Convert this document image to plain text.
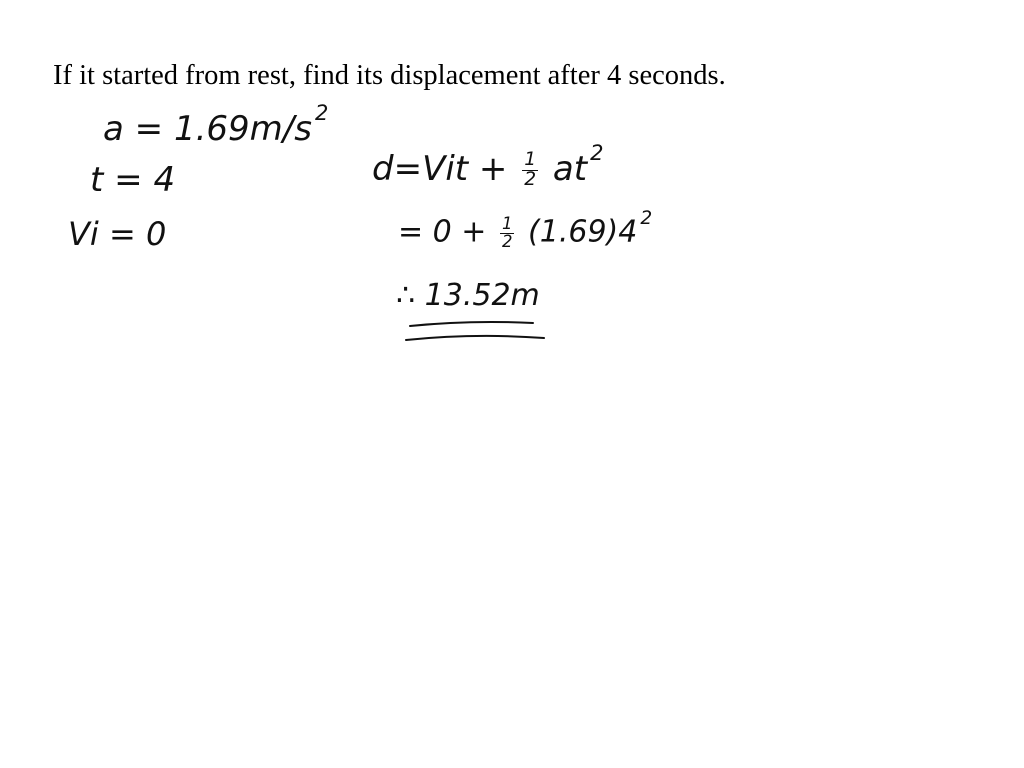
If it started from rest, find its displacement after 4 seconds.
a = 1.69m/s $^2$
t = 4
Vi = 0
$d=Vit + \frac{1}{2}$ at $^2$
= $0 + \frac{1}{2} (1.69)4$ $^2$
∴ 13.52m
